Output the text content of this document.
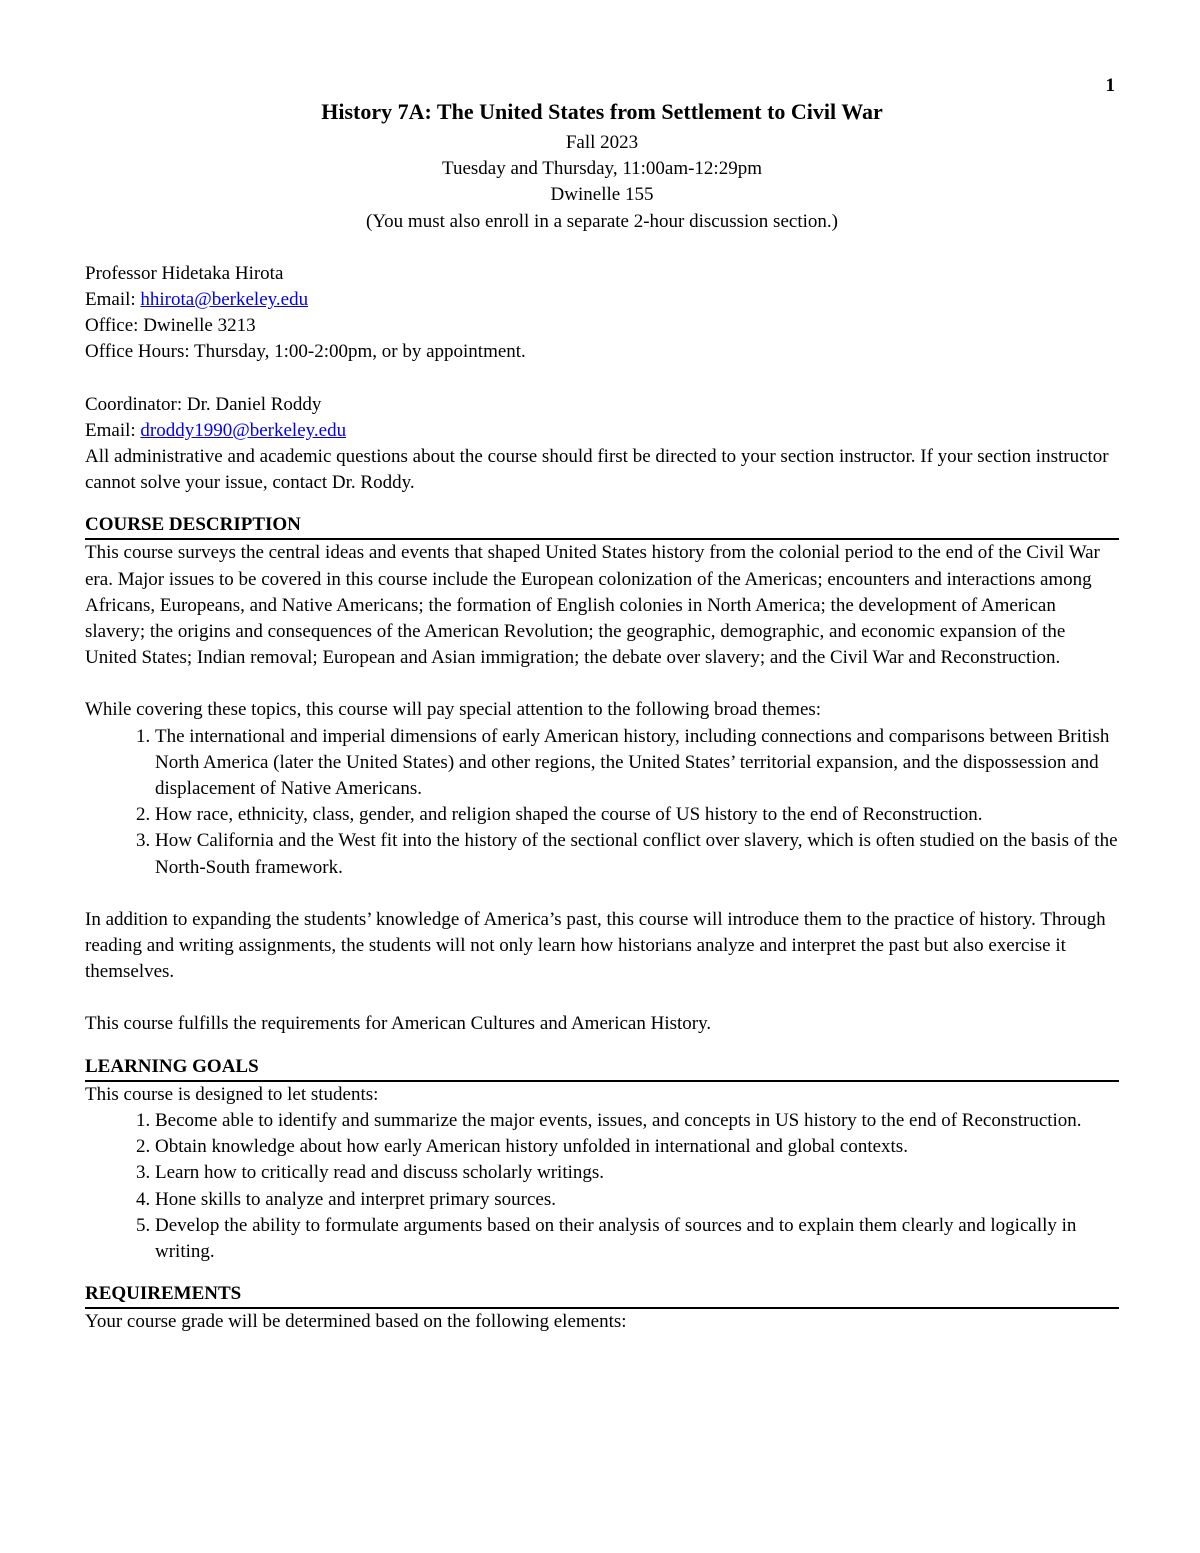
1
History 7A: The United States from Settlement to Civil War
Fall 2023
Tuesday and Thursday, 11:00am-12:29pm
Dwinelle 155
(You must also enroll in a separate 2-hour discussion section.)
Professor Hidetaka Hirota
Email: hhirota@berkeley.edu
Office: Dwinelle 3213
Office Hours: Thursday, 1:00-2:00pm, or by appointment.
Coordinator: Dr. Daniel Roddy
Email: droddy1990@berkeley.edu

All administrative and academic questions about the course should first be directed to your section instructor. If your section instructor cannot solve your issue, contact Dr. Roddy.

COURSE DESCRIPTION

This course surveys the central ideas and events that shaped United States history from the colonial period to the end of the Civil War era. Major issues to be covered in this course include the European colonization of the Americas; encounters and interactions among Africans, Europeans, and Native Americans; the formation of English colonies in North America; the development of American slavery; the origins and consequences of the American Revolution; the geographic, demographic, and economic expansion of the United States; Indian removal; European and Asian immigration; the debate over slavery; and the Civil War and Reconstruction.

While covering these topics, this course will pay special attention to the following broad themes:

1. The international and imperial dimensions of early American history, including connections and comparisons between British North America (later the United States) and other regions, the United States’ territorial expansion, and the dispossession and displacement of Native Americans.
2. How race, ethnicity, class, gender, and religion shaped the course of US history to the end of Reconstruction.
3. How California and the West fit into the history of the sectional conflict over slavery, which is often studied on the basis of the North-South framework.

In addition to expanding the students’ knowledge of America’s past, this course will introduce them to the practice of history. Through reading and writing assignments, the students will not only learn how historians analyze and interpret the past but also exercise it themselves.

This course fulfills the requirements for American Cultures and American History.

LEARNING GOALS

This course is designed to let students:

1. Become able to identify and summarize the major events, issues, and concepts in US history to the end of Reconstruction.
2. Obtain knowledge about how early American history unfolded in international and global contexts.
3. Learn how to critically read and discuss scholarly writings.
4. Hone skills to analyze and interpret primary sources.
5. Develop the ability to formulate arguments based on their analysis of sources and to explain them clearly and logically in writing.
REQUIREMENTS

Your course grade will be determined based on the following elements:
